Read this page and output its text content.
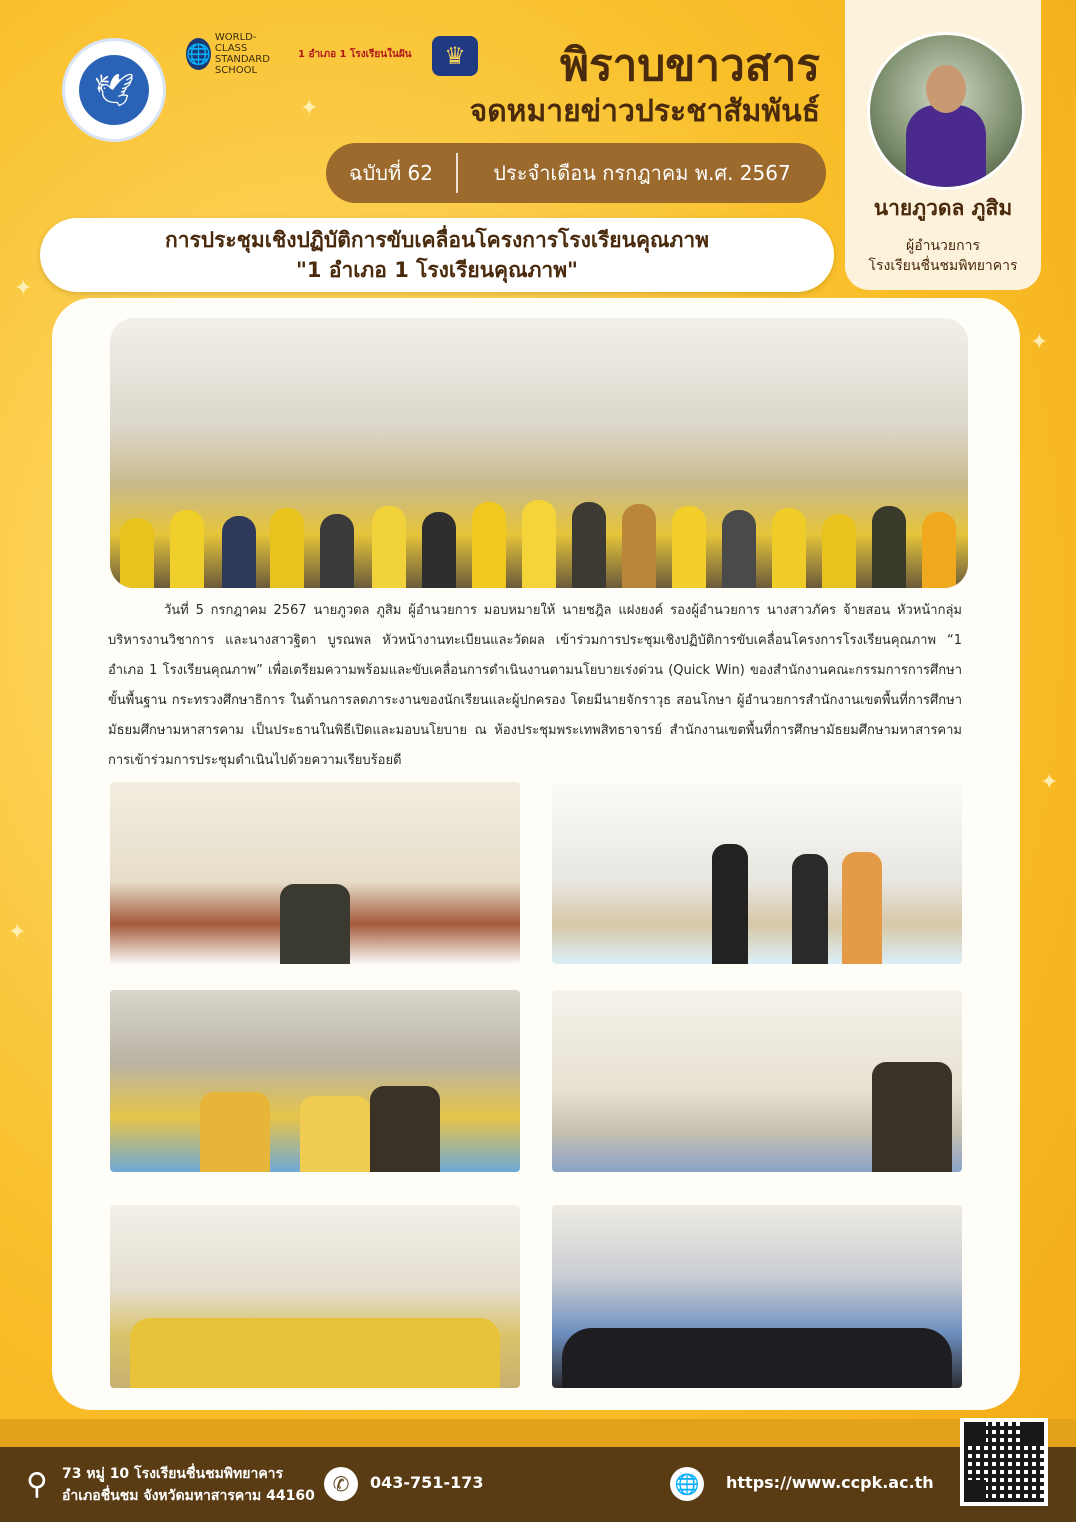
✦
✦
✦
✦
✦
🕊
🌐
WORLD-CLASS STANDARD SCHOOL
1 อำเภอ 1 โรงเรียนในฝัน ♛	พิราบขาวสาร
จดหมายข่าวประชาสัมพันธ์
ฉบับที่ 62	ประจำเดือน กรกฎาคม พ.ศ. 2567
นายภูวดล ภูสิม
ผู้อำนวยการ
โรงเรียนชื่นชมพิทยาคาร
การประชุมเชิงปฏิบัติการขับเคลื่อนโครงการโรงเรียนคุณภาพ
"1 อำเภอ 1 โรงเรียนคุณภาพ"

วันที่ 5 กรกฎาคม 2567 นายภูวดล ภูสิม ผู้อำนวยการ มอบหมายให้ นายชฎิล แฝงยงค์ รองผู้อำนวยการ นางสาวภัคร จ้ายสอน หัวหน้ากลุ่มบริหารงานวิชาการ และนางสาวฐิตา บูรณพล หัวหน้างานทะเบียนและวัดผล เข้าร่วมการประชุมเชิงปฏิบัติการขับเคลื่อนโครงการโรงเรียนคุณภาพ “1 อำเภอ 1 โรงเรียนคุณภาพ” เพื่อเตรียมความพร้อมและขับเคลื่อนการดำเนินงานตามนโยบายเร่งด่วน (Quick Win) ของสำนักงานคณะกรรมการการศึกษาขั้นพื้นฐาน กระทรวงศึกษาธิการ ในด้านการลดภาระงานของนักเรียนและผู้ปกครอง โดยมีนายจักราวุธ สอนโกษา ผู้อำนวยการสำนักงานเขตพื้นที่การศึกษามัธยมศึกษามหาสารคาม เป็นประธานในพิธีเปิดและมอบนโยบาย ณ ห้องประชุมพระเทพสิทธาจารย์ สำนักงานเขตพื้นที่การศึกษามัธยมศึกษามหาสารคาม การเข้าร่วมการประชุมดำเนินไปด้วยความเรียบร้อยดี

⚲	73 หมู่ 10 โรงเรียนชื่นชมพิทยาคาร
อำเภอชื่นชม จังหวัดมหาสารคาม 44160 ✆	043-751-173	🌐 https://www.ccpk.ac.th
